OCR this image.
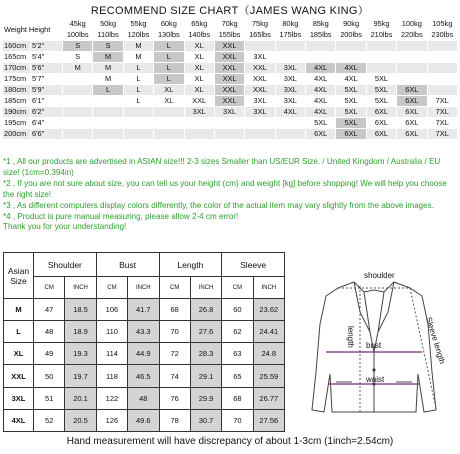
RECOMMEND SIZE CHART（JAMES WANG KING）
Weight Height		45kg	50kg	55kg	60kg	65kg	70kg	75kg	80kg	85kg	90kg	95kg	100kg	105kg
		100lbs	110lbs	120lbs	130lbs	140lbs	155lbs	165lbs	175lbs	185lbs	200lbs	210lbs	220lbs	230lbs
160cm	5'2"	S	S	M	L	XL	XXL							
165cm	5'4"	S	M	M	L	XL	XXL	3XL						
170cm	5'6"	M	M	L	L	XL	XXL	XXL	3XL	4XL	4XL			
175cm	5'7"		M	L	L	XL	XXL	XXL	3XL	4XL	4XL	5XL		
180cm	5'9"		L	L	XL	XL	XXL	XXL	3XL	4XL	5XL	5XL	6XL	
185cm	6'1"			L	XL	XXL	XXL	3XL	3XL	4XL	5XL	5XL	6XL	7XL
190cm	6'2"					3XL	3XL	3XL	4XL	4XL	5XL	6XL	6XL	7XL
195cm	6'4"									5XL	5XL	6XL	6XL	7XL
200cm	6'6"									6XL	6XL	6XL	6XL	7XL

*1 , All our products are advertised in ASIAN size!!! 2-3 sizes Smaller than US/EUR Size. / United Kingdom / Australia / EU size! (1cm=0.394in)

*2 , If you are not sure about size, you can tell us your height (cm) and weight [kg] before shopping! We will help you choose the right size!

*3 , As different computers display colors differently, the color of the actual item may vary slightly from the above images.

*4 , Product is pure manual measuring, please allow 2-4 cm error!

Thank you for your understanding!

Asian Size	Shoulder		Bust		Length		Sleeve	
	CM	INCH	CM	INCH	CM	INCH	CM	INCH
M	47	18.5	106	41.7	68	26.8	60	23.62
L	48	18.9	110	43.3	70	27.6	62	24.41
XL	49	19.3	114	44.9	72	28.3	63	24.8
XXL	50	19.7	118	46.5	74	29.1	65	25.59
3XL	51	20.1	122	48	76	29.9	68	26.77
4XL	52	20.5	126	49.6	78	30.7	70	27.56
shoulder
bust
waist
length	Sleeve length
Hand measurement will have discrepancy of about 1-3cm (1inch=2.54cm)
